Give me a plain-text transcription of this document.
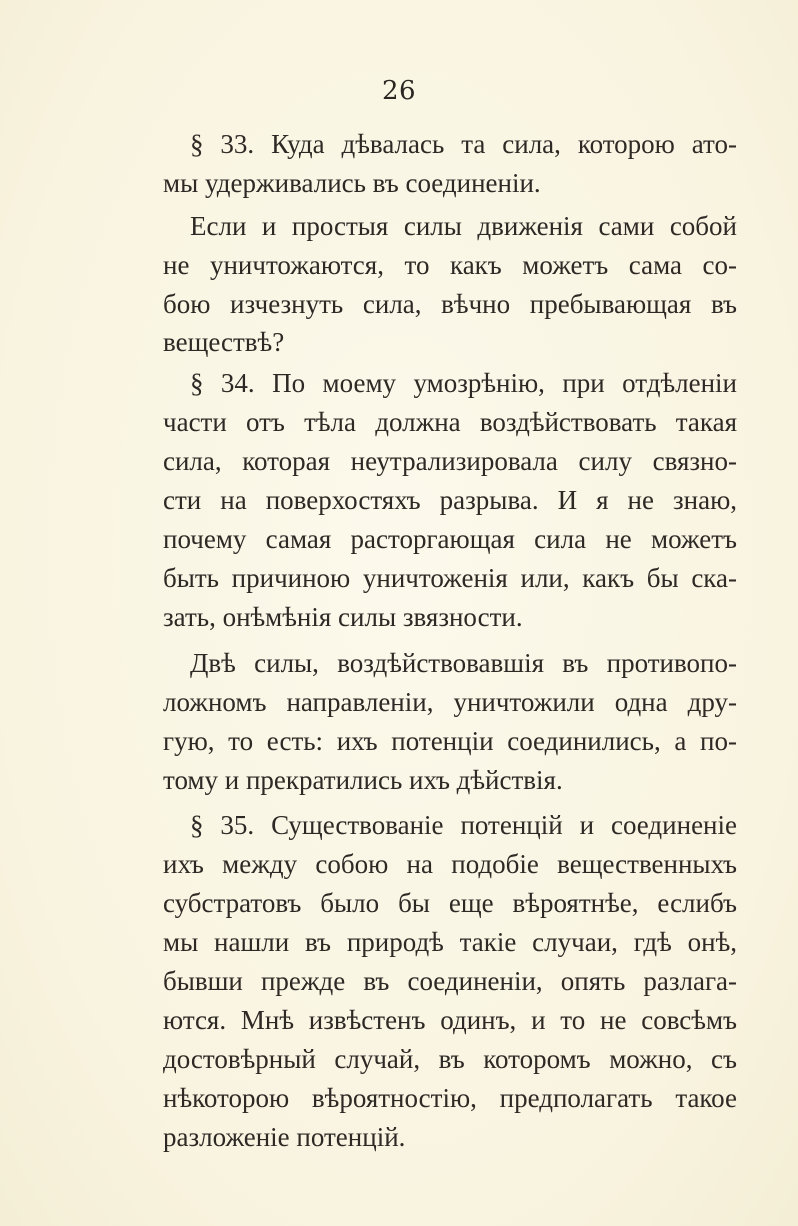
26
§ 33. Куда дѣвалась та сила, которою ато-
мы удерживались въ соединеніи.
Если и простыя силы движенія сами собой
не уничтожаются, то какъ можетъ сама со-
бою изчезнуть сила, вѣчно пребывающая въ
веществѣ?
§ 34. По моему умозрѣнію, при отдѣленіи
части отъ тѣла должна воздѣйствовать такая
сила, которая неутрализировала силу связно-
сти на поверхостяхъ разрыва. И я не знаю,
почему самая расторгающая сила не можетъ
быть причиною уничтоженія или, какъ бы ска-
зать, онѣмѣнія силы звязности.
Двѣ силы, воздѣйствовавшія въ противопо-
ложномъ направленіи, уничтожили одна дру-
гую, то есть: ихъ потенціи соединились, а по-
тому и прекратились ихъ дѣйствія.
§ 35. Существованіе потенцій и соединеніе
ихъ между собою на подобіе вещественныхъ
субстратовъ было бы еще вѣроятнѣе, еслибъ
мы нашли въ природѣ такіе случаи, гдѣ онѣ,
бывши прежде въ соединеніи, опять разлага-
ются. Мнѣ извѣстенъ одинъ, и то не совсѣмъ
достовѣрный случай, въ которомъ можно, съ
нѣкоторою вѣроятностію, предполагать такое
разложеніе потенцій.
